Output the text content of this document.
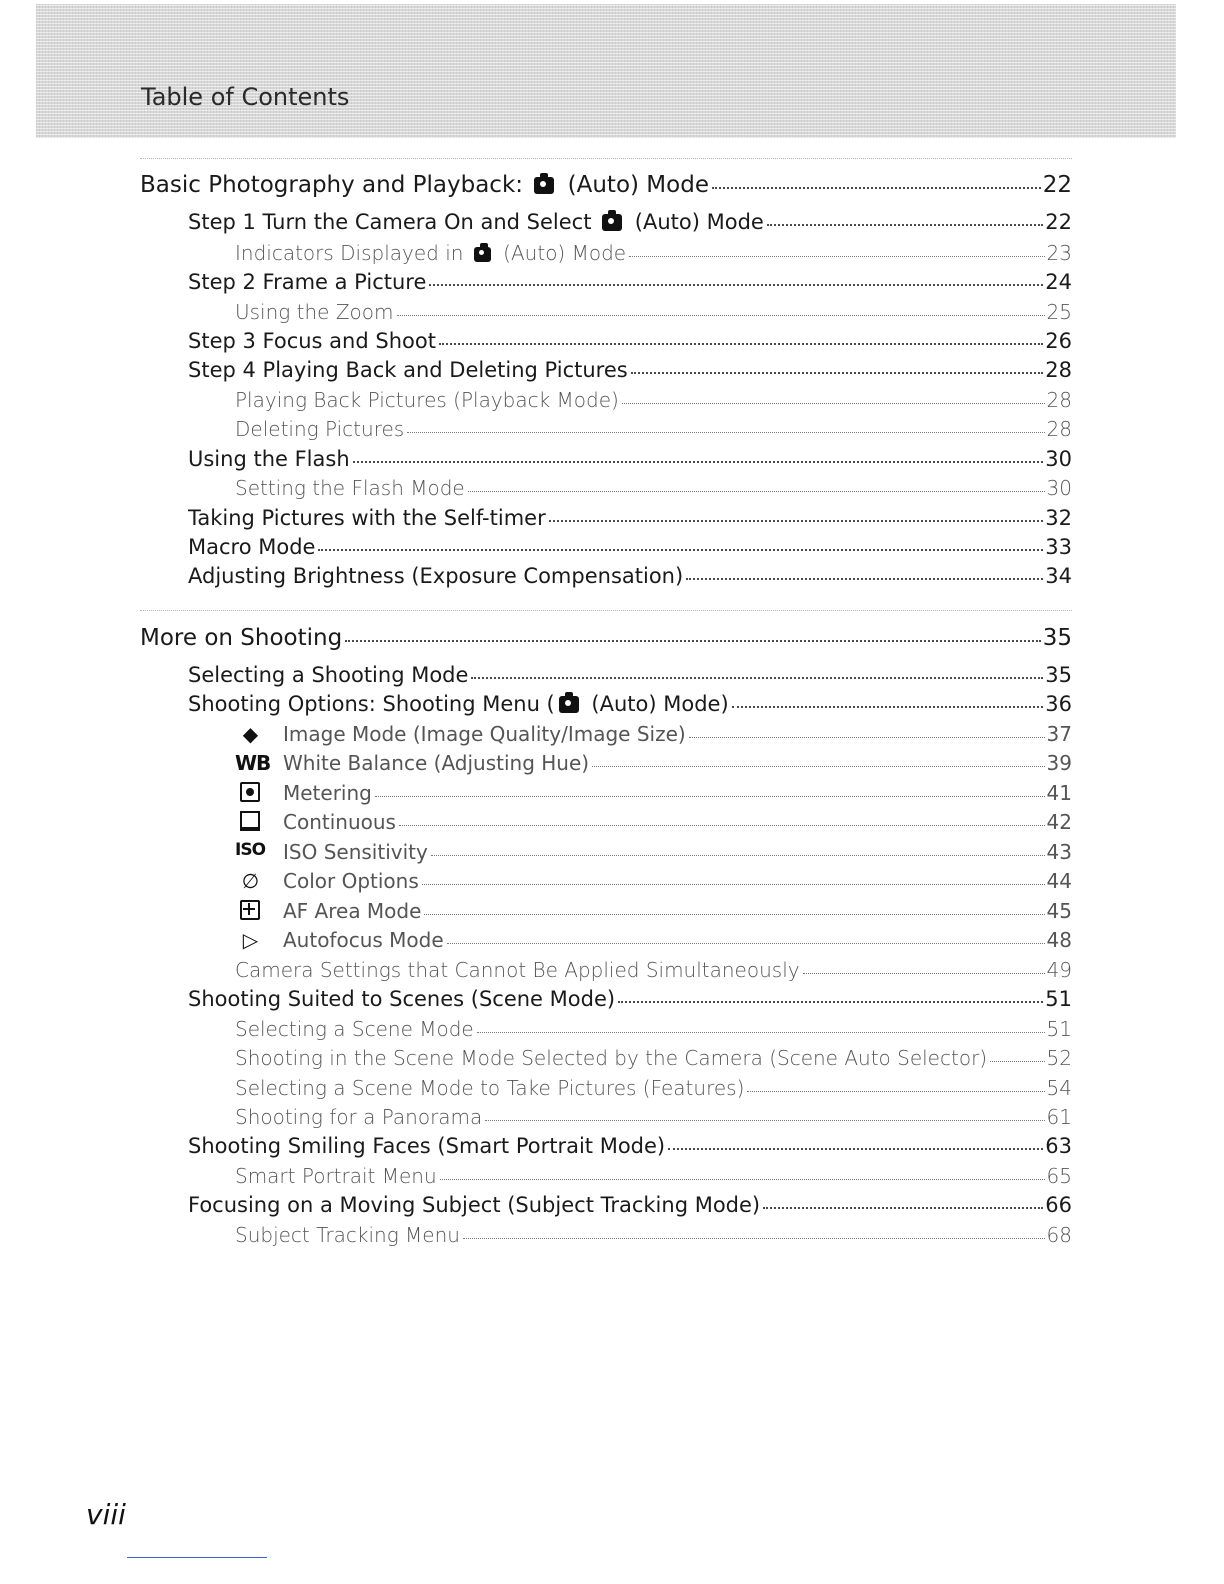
Table of Contents
Basic Photography and Playback:  (Auto) Mode	22
Step 1 Turn the Camera On and Select  (Auto) Mode	22
Indicators Displayed in  (Auto) Mode	23
Step 2 Frame a Picture	24
Using the Zoom	25
Step 3 Focus and Shoot	26
Step 4 Playing Back and Deleting Pictures	28
Playing Back Pictures (Playback Mode)	28
Deleting Pictures	28
Using the Flash	30
Setting the Flash Mode	30
Taking Pictures with the Self-timer	32
Macro Mode	33
Adjusting Brightness (Exposure Compensation)	34
More on Shooting	35
Selecting a Shooting Mode	35
Shooting Options: Shooting Menu ( (Auto) Mode)	36
◆	Image Mode (Image Quality/Image Size)	37
WB White Balance (Adjusting Hue)	39
Metering	41
Continuous	42
ISO ISO Sensitivity	43
∅	Color Options	44
AF Area Mode	45
▷	Autofocus Mode	48
Camera Settings that Cannot Be Applied Simultaneously	49
Shooting Suited to Scenes (Scene Mode)	51
Selecting a Scene Mode	51
Shooting in the Scene Mode Selected by the Camera (Scene Auto Selector)	52
Selecting a Scene Mode to Take Pictures (Features)	54
Shooting for a Panorama	61
Shooting Smiling Faces (Smart Portrait Mode)	63
Smart Portrait Menu	65
Focusing on a Moving Subject (Subject Tracking Mode)	66
Subject Tracking Menu	68
viii
